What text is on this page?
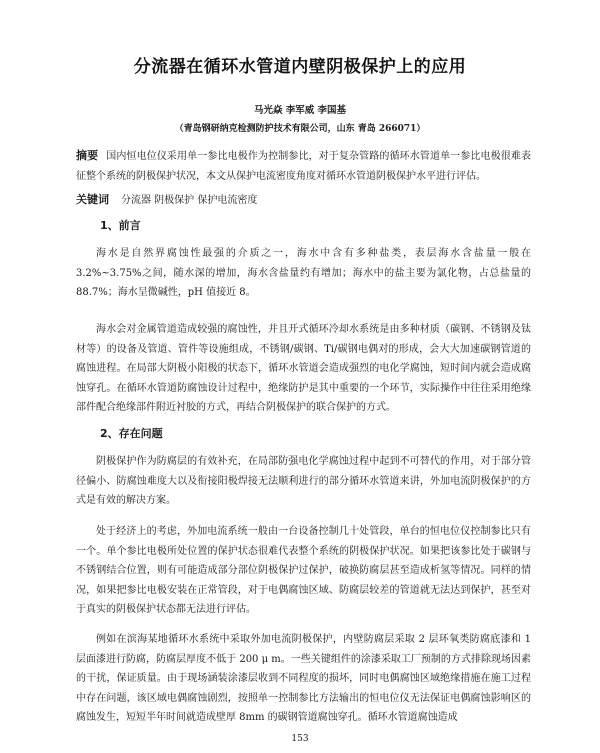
分流器在循环水管道内壁阴极保护上的应用
马光焱 李军威 李国基
（青岛钢研纳克检测防护技术有限公司，山东 青岛 266071）
摘要 国内恒电位仪采用单一参比电极作为控制参比，对于复杂管路的循环水管道单一参比电极很难表征整个系统的阴极保护状况，本文从保护电流密度角度对循环水管道阴极保护水平进行评估。
关键词 分流器 阴极保护 保护电流密度
1、前言
海水是自然界腐蚀性最强的介质之一，海水中含有多种盐类，表层海水含盐量一般在 3.2%~3.75%之间，随水深的增加，海水含盐量约有增加；海水中的盐主要为氯化物，占总盐量的 88.7%；海水呈微碱性，pH 值接近 8。
海水会对金属管道造成较强的腐蚀性，并且开式循环冷却水系统是由多种材质（碳钢、不锈钢及钛材等）的设备及管道、管件等设施组成，不锈钢/碳钢、Ti/碳钢电偶对的形成，会大大加速碳钢管道的腐蚀进程。在局部大阴极小阳极的状态下，循环水管道会造成强烈的电化学腐蚀，短时间内就会造成腐蚀穿孔。在循环水管道防腐蚀设计过程中，绝缘防护是其中重要的一个环节，实际操作中往往采用绝缘部件配合绝缘部件附近衬胶的方式，再结合阴极保护的联合保护的方式。
2、存在问题
阴极保护作为防腐层的有效补充，在局部防强电化学腐蚀过程中起到不可替代的作用，对于部分管径偏小、防腐蚀难度大以及衔接阳极焊接无法顺利进行的部分循环水管道来讲，外加电流阴极保护的方式是有效的解决方案。
处于经济上的考虑，外加电流系统一般由一台设备控制几十处管段，单台的恒电位仪控制参比只有一个。单个参比电极所处位置的保护状态很难代表整个系统的阴极保护状况。如果把该参比处于碳钢与不锈钢结合位置，则有可能造成部分部位阴极保护过保护，破换防腐层甚至造成析氢等情况。同样的情况，如果把参比电极安装在正常管段，对于电偶腐蚀区域、防腐层较差的管道就无法达到保护，甚至对于真实的阴极保护状态都无法进行评估。
例如在滨海某地循环水系统中采取外加电流阴极保护，内壁防腐层采取 2 层环氧类防腐底漆和 1 层面漆进行防腐，防腐层厚度不低于 200 μ m。一些关键组件的涂漆采取工厂预制的方式排除现场因素的干扰，保证质量。由于现场涵装涂漆层收到不同程度的损坏，同时电偶腐蚀区域绝缘措施在施工过程中存在问题，该区域电偶腐蚀剧烈，按照单一控制参比方法输出的恒电位仪无法保证电偶腐蚀影响区的腐蚀发生，短短半年时间就造成壁厚 8mm 的碳钢管道腐蚀穿孔。循环水管道腐蚀造成
153
